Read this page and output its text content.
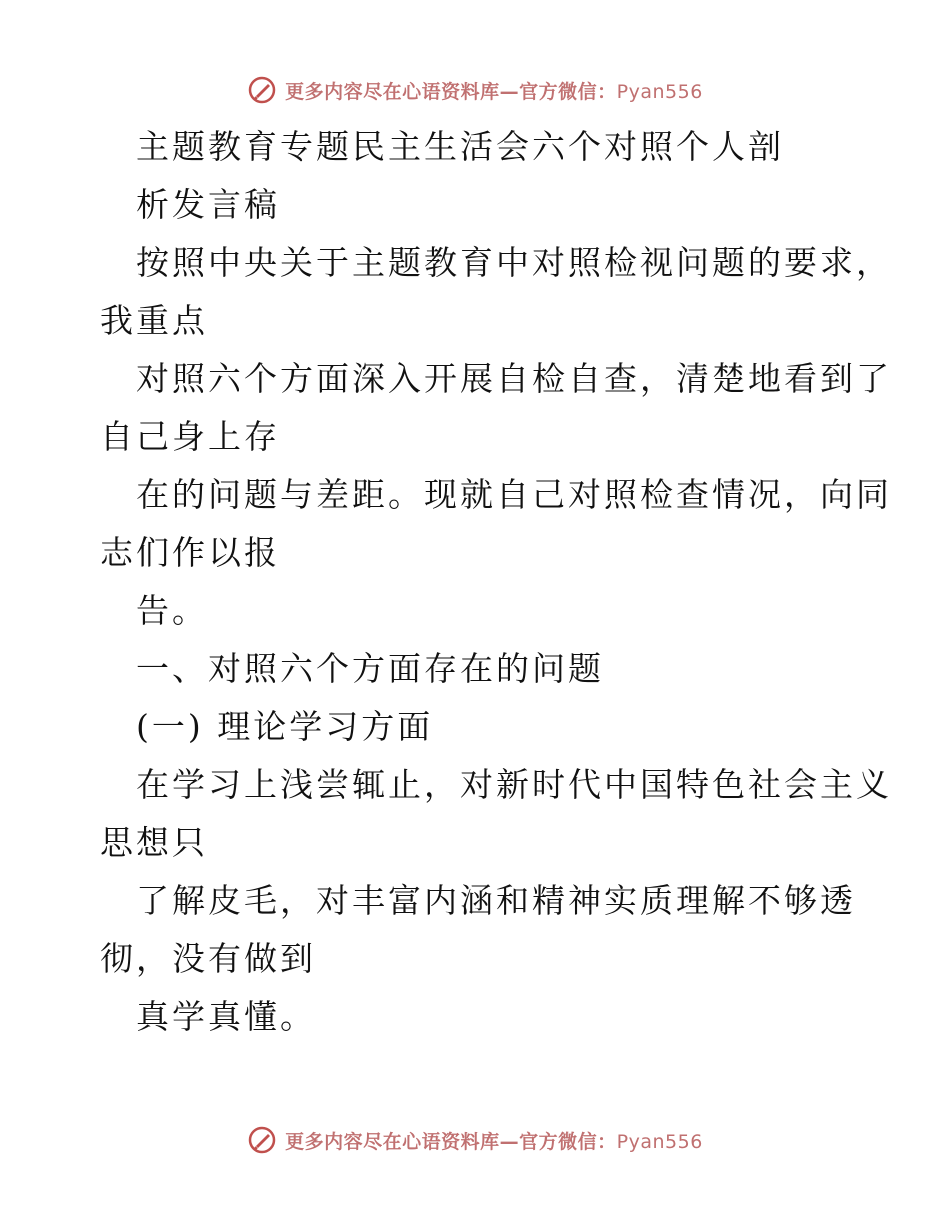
更多内容尽在心语资料库—官方微信：Pyan556
主题教育专题民主生活会六个对照个人剖
析发言稿
按照中央关于主题教育中对照检视问题的要求，
我重点
对照六个方面深入开展自检自查，清楚地看到了
自己身上存
在的问题与差距。现就自己对照检查情况，向同
志们作以报
告。
一、对照六个方面存在的问题
(一) 理论学习方面
在学习上浅尝辄止，对新时代中国特色社会主义
思想只
了解皮毛，对丰富内涵和精神实质理解不够透
彻，没有做到
真学真懂。
更多内容尽在心语资料库—官方微信：Pyan556
